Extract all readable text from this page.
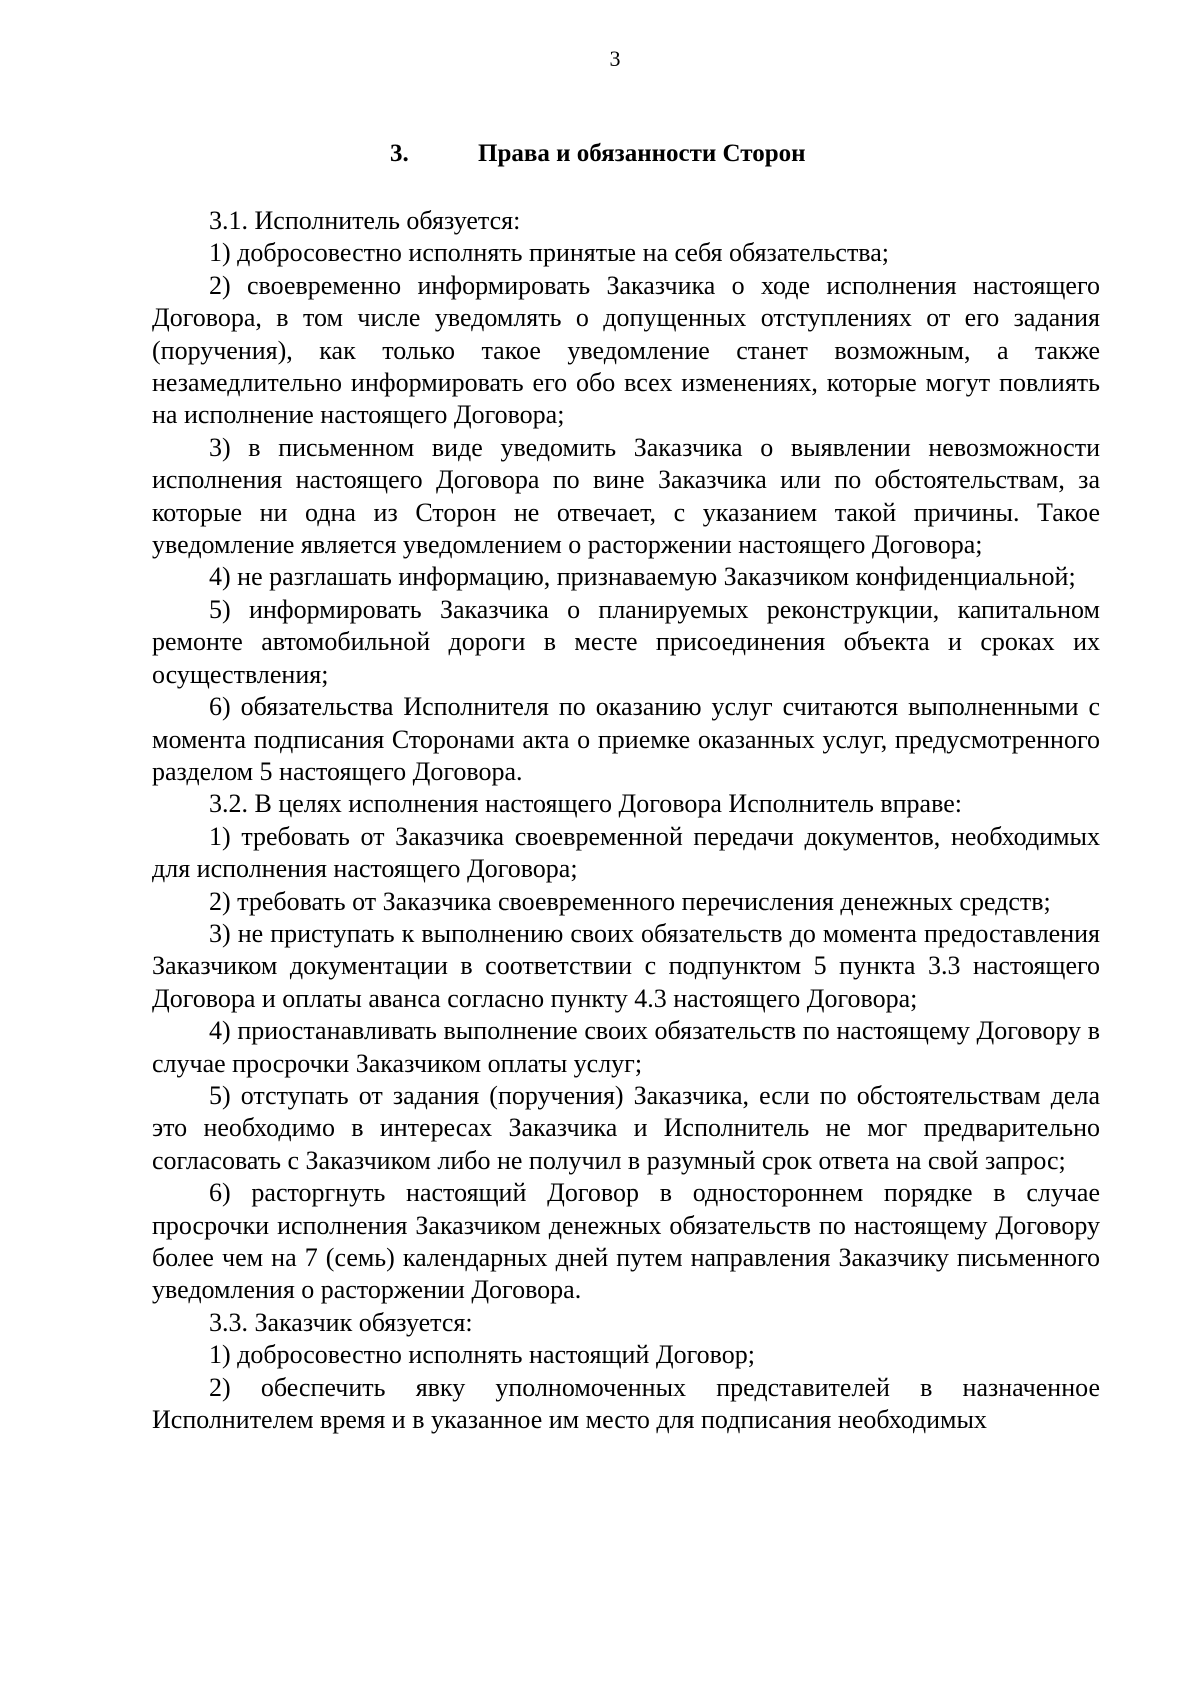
3
3.	Права и обязанности Сторон

3.1. Исполнитель обязуется:

1) добросовестно исполнять принятые на себя обязательства;

2) своевременно информировать Заказчика о ходе исполнения настоящего Договора, в том числе уведомлять о допущенных отступлениях от его задания (поручения), как только такое уведомление станет возможным, а также незамедлительно информировать его обо всех изменениях, которые могут повлиять на исполнение настоящего Договора;

3) в письменном виде уведомить Заказчика о выявлении невозможности исполнения настоящего Договора по вине Заказчика или по обстоятельствам, за которые ни одна из Сторон не отвечает, с указанием такой причины. Такое уведомление является уведомлением о расторжении настоящего Договора;

4) не разглашать информацию, признаваемую Заказчиком конфиденциальной;

5) информировать Заказчика о планируемых реконструкции, капитальном ремонте автомобильной дороги в месте присоединения объекта и сроках их осуществления;

6) обязательства Исполнителя по оказанию услуг считаются выполненными с момента подписания Сторонами акта о приемке оказанных услуг, предусмотренного разделом 5 настоящего Договора.

3.2. В целях исполнения настоящего Договора Исполнитель вправе:

1) требовать от Заказчика своевременной передачи документов, необходимых для исполнения настоящего Договора;

2) требовать от Заказчика своевременного перечисления денежных средств;

3) не приступать к выполнению своих обязательств до момента предоставления Заказчиком документации в соответствии с подпунктом 5 пункта 3.3 настоящего Договора и оплаты аванса согласно пункту 4.3 настоящего Договора;

4) приостанавливать выполнение своих обязательств по настоящему Договору в случае просрочки Заказчиком оплаты услуг;

5) отступать от задания (поручения) Заказчика, если по обстоятельствам дела это необходимо в интересах Заказчика и Исполнитель не мог предварительно согласовать с Заказчиком либо не получил в разумный срок ответа на свой запрос;

6) расторгнуть настоящий Договор в одностороннем порядке в случае просрочки исполнения Заказчиком денежных обязательств по настоящему Договору более чем на 7 (семь) календарных дней путем направления Заказчику письменного уведомления о расторжении Договора.

3.3. Заказчик обязуется:

1) добросовестно исполнять настоящий Договор;

2) обеспечить явку уполномоченных представителей в назначенное Исполнителем время и в указанное им место для подписания необходимых
